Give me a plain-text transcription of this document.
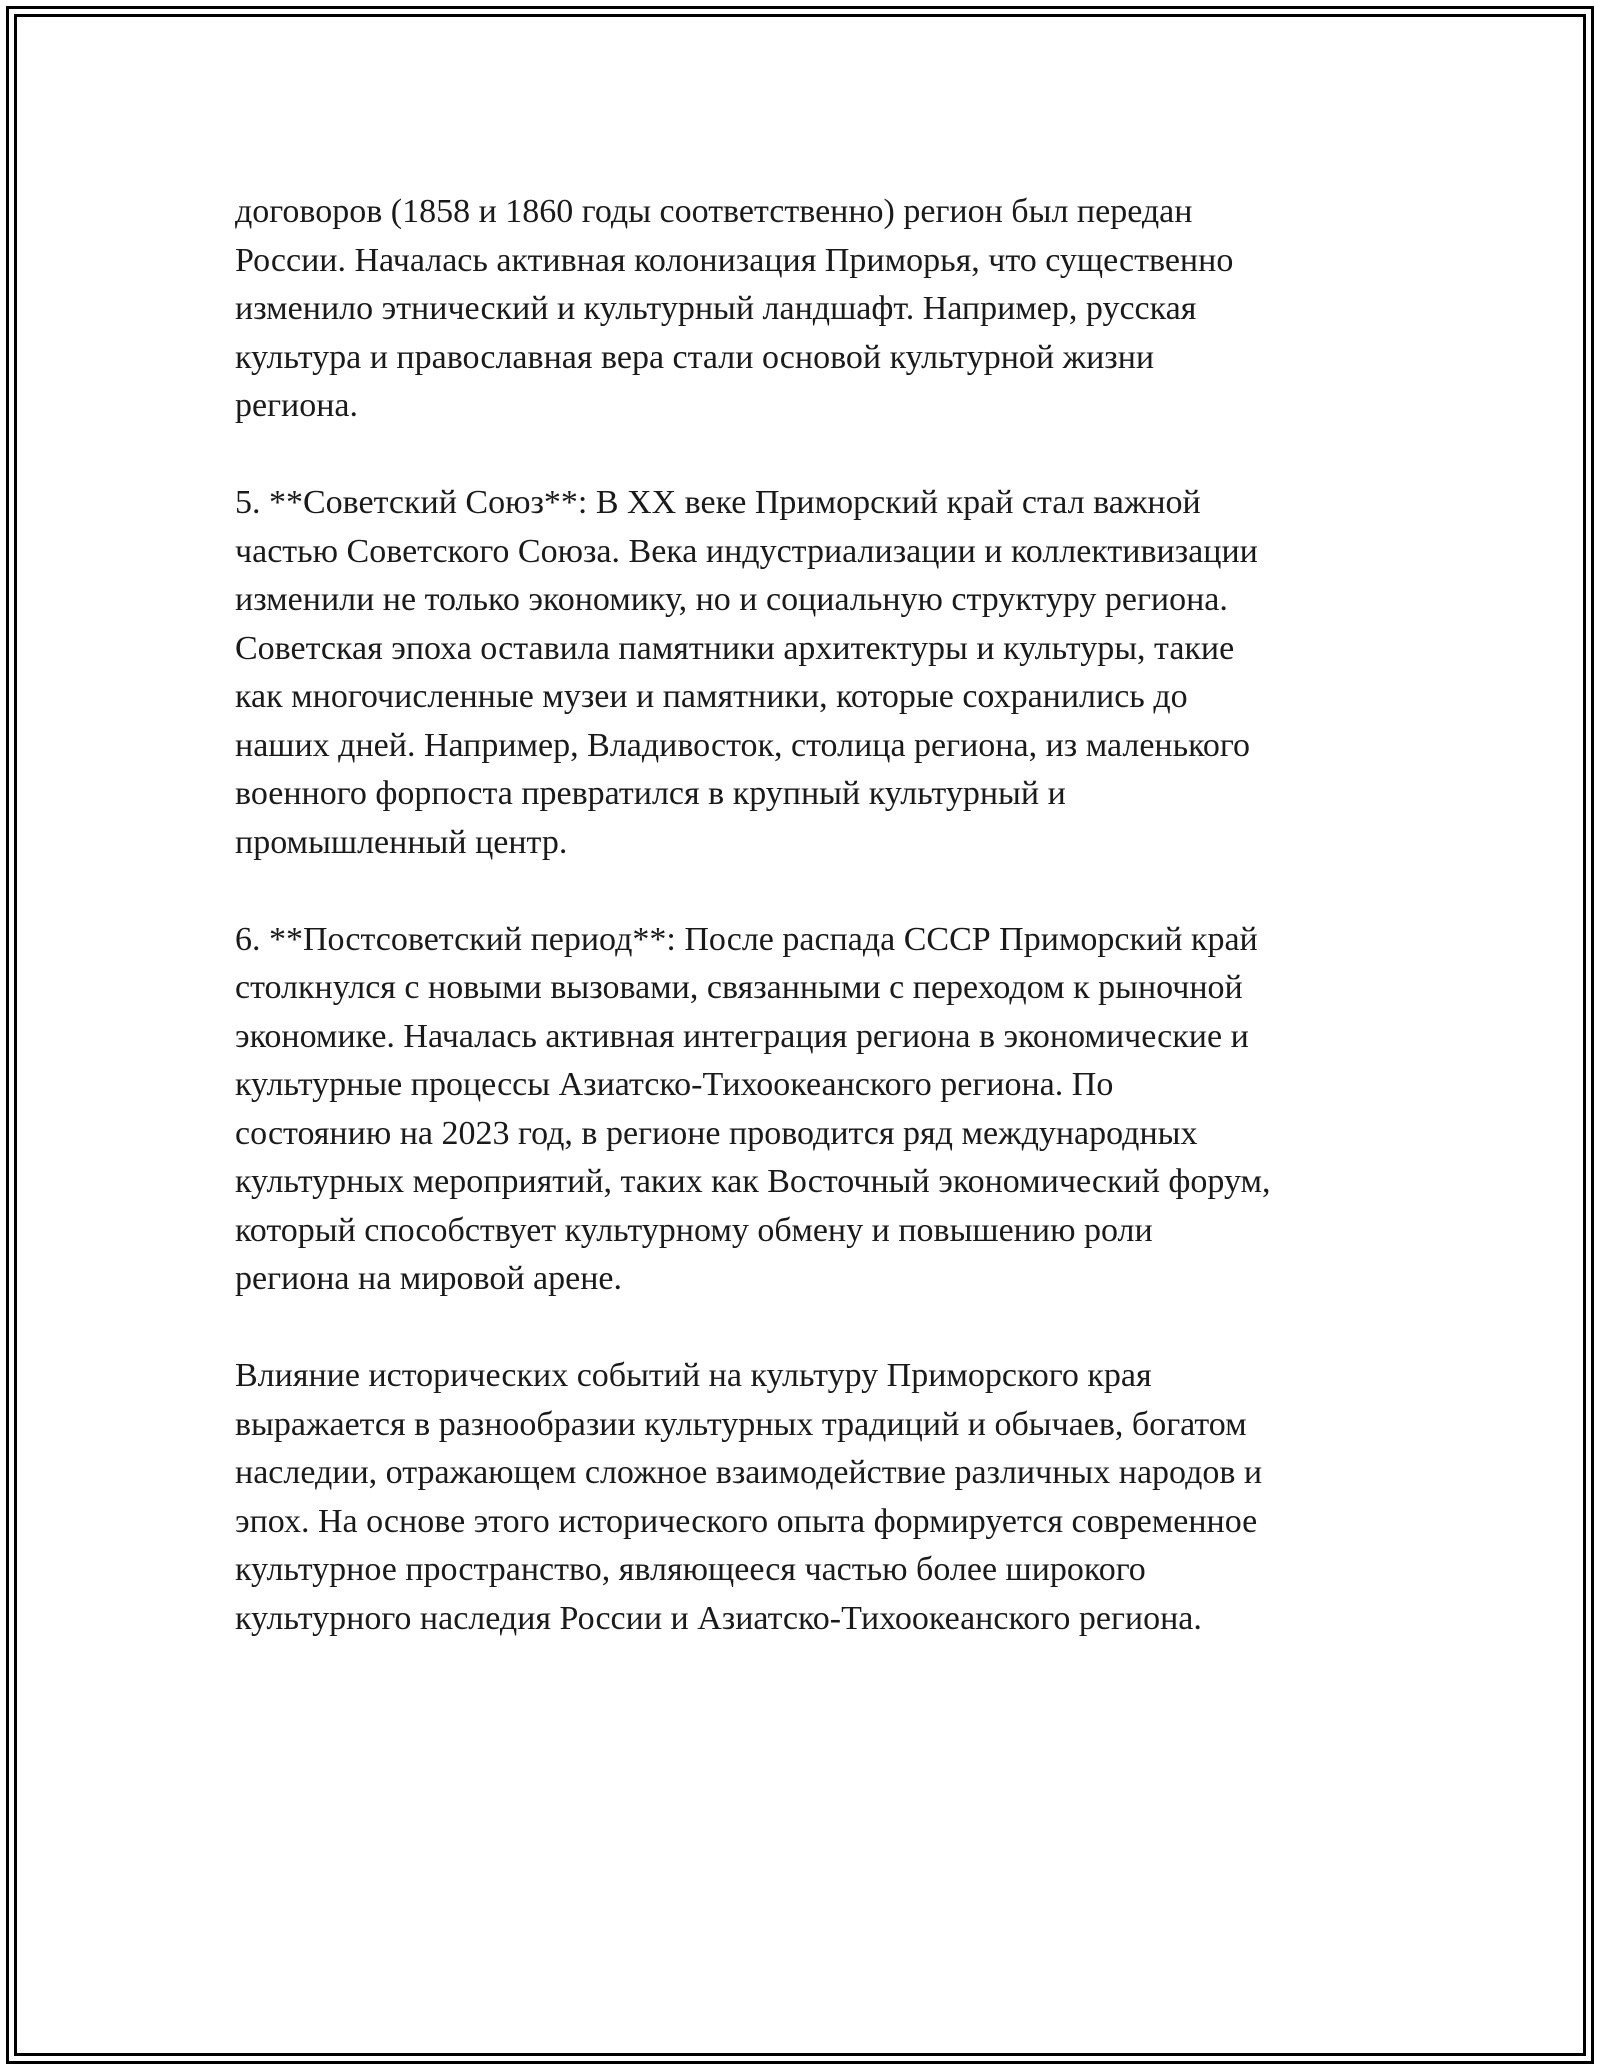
договоров (1858 и 1860 годы соответственно) регион был передан
России. Началась активная колонизация Приморья, что существенно
изменило этнический и культурный ландшафт. Например, русская
культура и православная вера стали основой культурной жизни
региона.

5. **Советский Союз**: В XX веке Приморский край стал важной
частью Советского Союза. Века индустриализации и коллективизации
изменили не только экономику, но и социальную структуру региона.
Советская эпоха оставила памятники архитектуры и культуры, такие
как многочисленные музеи и памятники, которые сохранились до
наших дней. Например, Владивосток, столица региона, из маленького
военного форпоста превратился в крупный культурный и
промышленный центр.

6. **Постсоветский период**: После распада СССР Приморский край
столкнулся с новыми вызовами, связанными с переходом к рыночной
экономике. Началась активная интеграция региона в экономические и
культурные процессы Азиатско-Тихоокеанского региона. По
состоянию на 2023 год, в регионе проводится ряд международных
культурных мероприятий, таких как Восточный экономический форум,
который способствует культурному обмену и повышению роли
региона на мировой арене.

Влияние исторических событий на культуру Приморского края
выражается в разнообразии культурных традиций и обычаев, богатом
наследии, отражающем сложное взаимодействие различных народов и
эпох. На основе этого исторического опыта формируется современное
культурное пространство, являющееся частью более широкого
культурного наследия России и Азиатско-Тихоокеанского региона.
